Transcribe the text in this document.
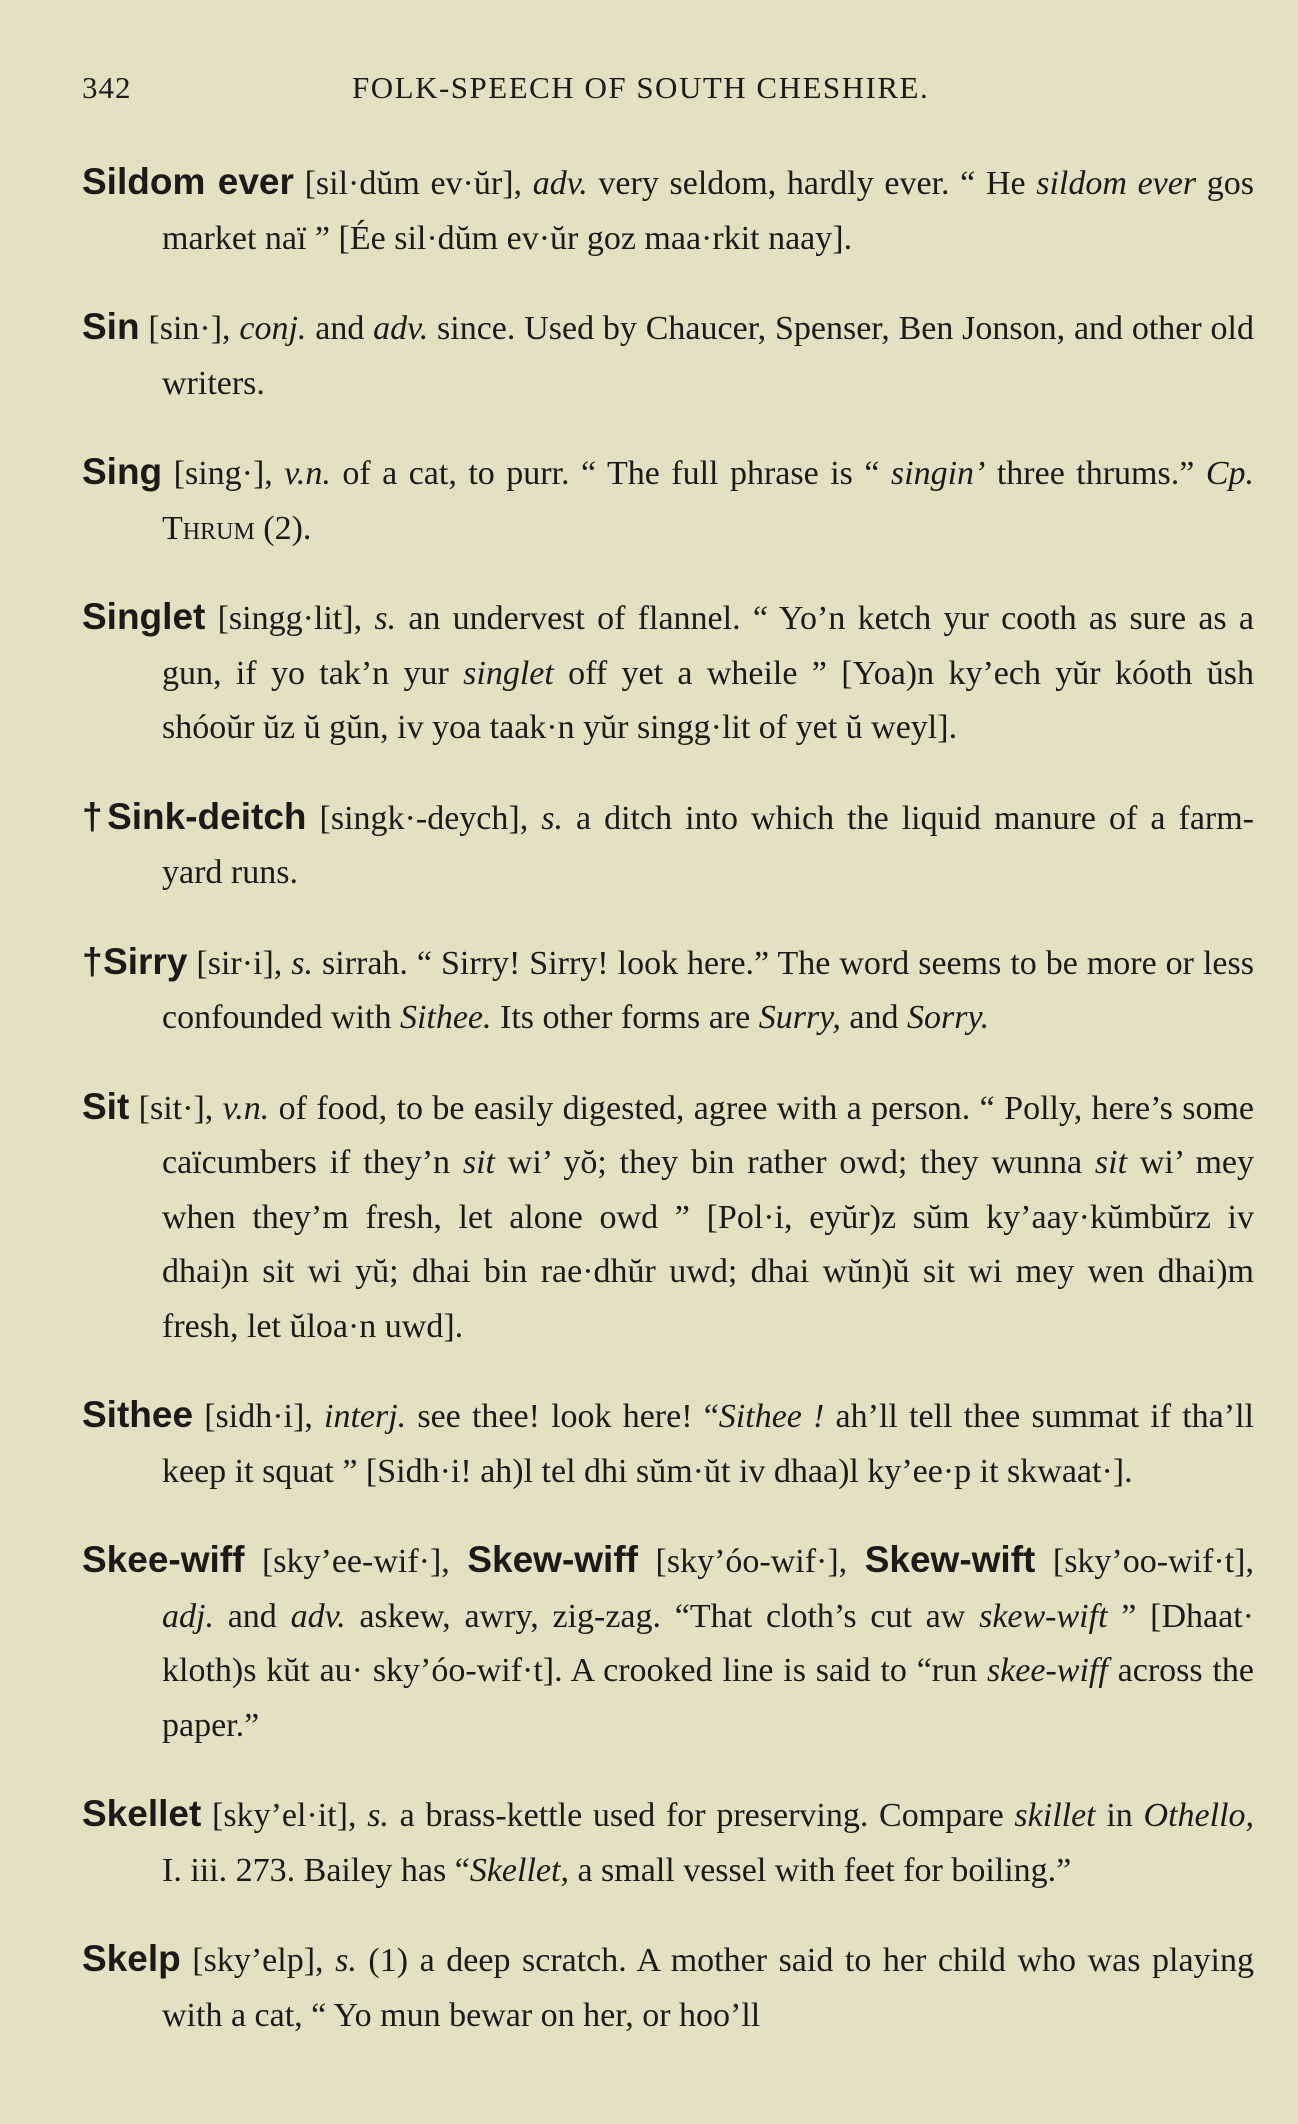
342	FOLK-SPEECH OF SOUTH CHESHIRE.

Sildom ever [sil·dŭm ev·ŭr], adv. very seldom, hardly ever. “ He sildom ever gos market naï ” [Ée sil·dŭm ev·ŭr goz maa·rkit naay].

Sin [sin·], conj. and adv. since. Used by Chaucer, Spenser, Ben Jonson, and other old writers.

Sing [sing·], v.n. of a cat, to purr. “ The full phrase is “ singin’ three thrums.” Cp. Thrum (2).

Singlet [singg·lit], s. an undervest of flannel. “ Yo’n ketch yur cooth as sure as a gun, if yo tak’n yur singlet off yet a wheile ” [Yoa)n ky’ech yŭr kóoth ŭsh shóoŭr ŭz ŭ gŭn, iv yoa taak·n yŭr singg·lit of yet ŭ weyl].

†Sink-deitch [singk·-deych], s. a ditch into which the liquid manure of a farm-yard runs.

†Sirry [sir·i], s. sirrah. “ Sirry! Sirry! look here.” The word seems to be more or less confounded with Sithee. Its other forms are Surry, and Sorry.

Sit [sit·], v.n. of food, to be easily digested, agree with a person. “ Polly, here’s some caïcumbers if they’n sit wi’ yŏ; they bin rather owd; they wunna sit wi’ mey when they’m fresh, let alone owd ” [Pol·i, eyŭr)z sŭm ky’aay·kŭmbŭrz iv dhai)n sit wi yŭ; dhai bin rae·dhŭr uwd; dhai wŭn)ŭ sit wi mey wen dhai)m fresh, let ŭloa·n uwd].

Sithee [sidh·i], interj. see thee! look here! “Sithee ! ah’ll tell thee summat if tha’ll keep it squat ” [Sidh·i! ah)l tel dhi sŭm·ŭt iv dhaa)l ky’ee·p it skwaat·].

Skee-wiff [sky’ee-wif·], Skew-wiff [sky’óo-wif·], Skew-wift [sky’oo-wif·t], adj. and adv. askew, awry, zig-zag. “That cloth’s cut aw skew-wift ” [Dhaat· kloth)s kŭt au· sky’óo-wif·t]. A crooked line is said to “run skee-wiff across the paper.”

Skellet [sky’el·it], s. a brass-kettle used for preserving. Compare skillet in Othello, I. iii. 273. Bailey has “Skellet, a small vessel with feet for boiling.”

Skelp [sky’elp], s. (1) a deep scratch. A mother said to her child who was playing with a cat, “ Yo mun bewar on her, or hoo’ll
